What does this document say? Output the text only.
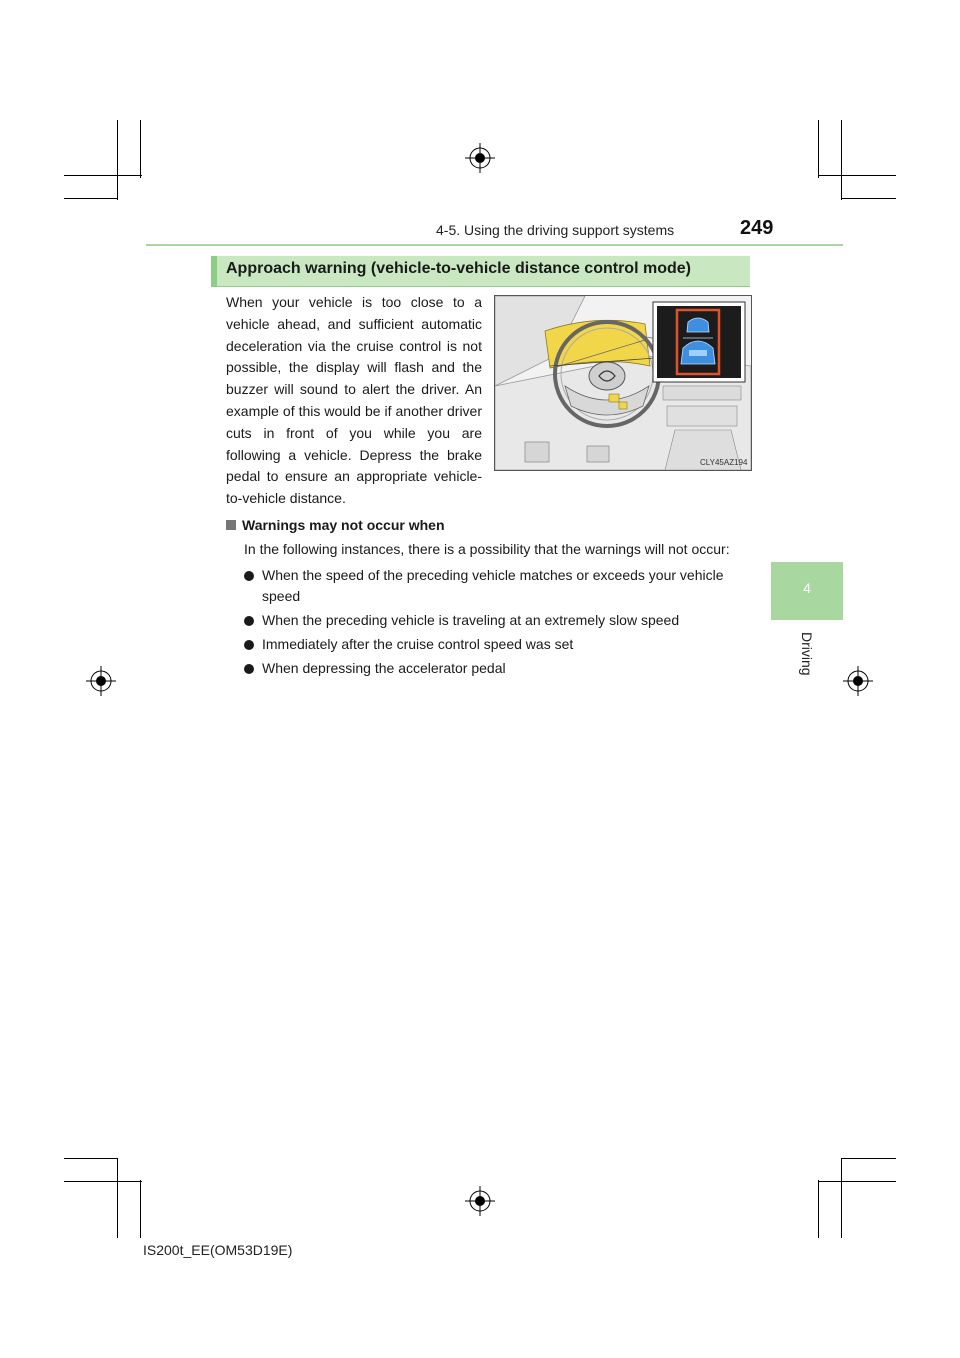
4-5. Using the driving support systems	249
4
Driving
Approach warning (vehicle-to-vehicle distance control mode)
When your vehicle is too close to a vehicle ahead, and sufficient automatic deceleration via the cruise control is not possible, the display will flash and the buzzer will sound to alert the driver. An example of this would be if another driver cuts in front of you while you are following a vehicle. Depress the brake pedal to ensure an appropriate vehicle-to-vehicle distance.
CLY45AZ194
Warnings may not occur when
In the following instances, there is a possibility that the warnings will not occur:
When the speed of the preceding vehicle matches or exceeds your vehicle speed
When the preceding vehicle is traveling at an extremely slow speed
Immediately after the cruise control speed was set
When depressing the accelerator pedal
IS200t_EE(OM53D19E)
